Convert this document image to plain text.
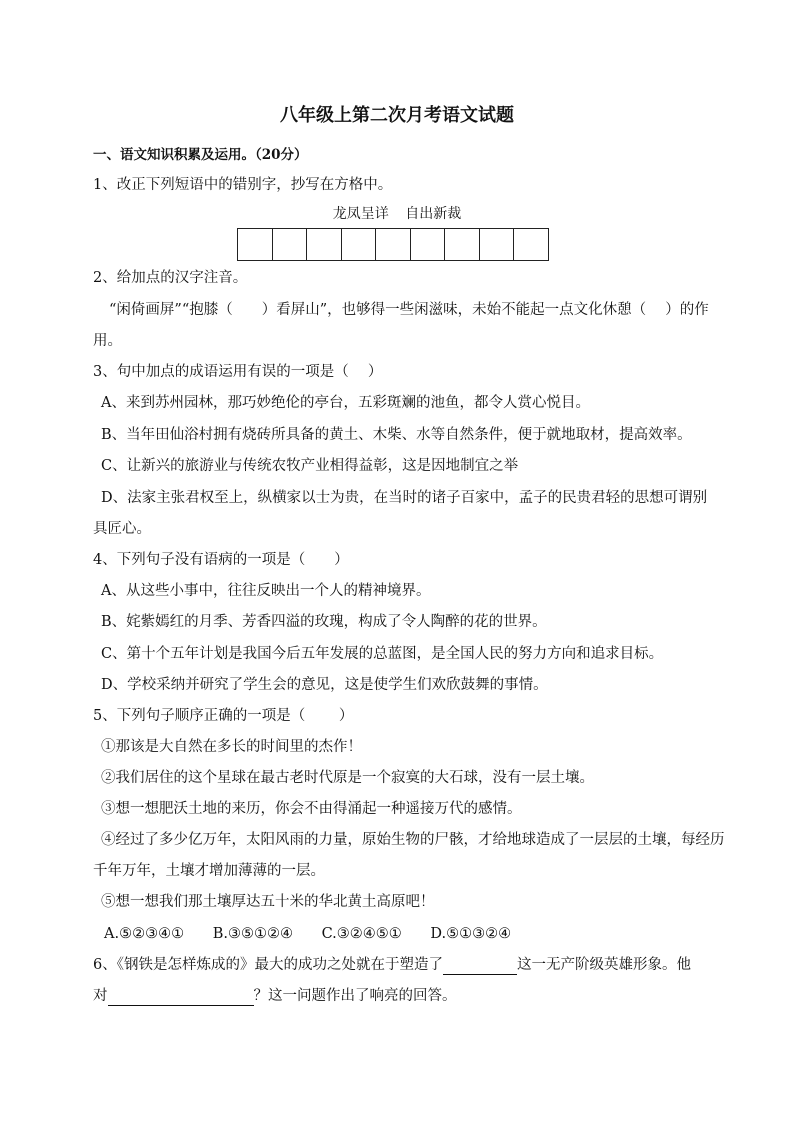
八年级上第二次月考语文试题
一、语文知识积累及运用。（20分）
1、改正下列短语中的错别字，抄写在方格中。
龙凤呈详 自出新裁
2、给加点的汉字注音。
“闲倚画屏”“抱膝（　　）看屏山”，也够得一些闲滋味，未始不能起一点文化休憩（　 ）的作
用。
3、句中加点的成语运用有误的一项是（　 ）
A、来到苏州园林，那巧妙绝伦的亭台，五彩斑斓的池鱼，都令人赏心悦目。
B、当年田仙浴村拥有烧砖所具备的黄土、木柴、水等自然条件，便于就地取材，提高效率。
C、让新兴的旅游业与传统农牧产业相得益彰，这是因地制宜之举
D、法家主张君权至上，纵横家以士为贵，在当时的诸子百家中，孟子的民贵君轻的思想可谓别
具匠心。
4、下列句子没有语病的一项是（　　）
A、从这些小事中，往往反映出一个人的精神境界。
B、姹紫嫣红的月季、芳香四溢的玫瑰，构成了令人陶醉的花的世界。
C、第十个五年计划是我国今后五年发展的总蓝图，是全国人民的努力方向和追求目标。
D、学校采纳并研究了学生会的意见，这是使学生们欢欣鼓舞的事情。
5、下列句子顺序正确的一项是（　　 ）
①那该是大自然在多长的时间里的杰作！
②我们居住的这个星球在最古老时代原是一个寂寞的大石球，没有一层土壤。
③想一想肥沃土地的来历，你会不由得涌起一种遥接万代的感情。
④经过了多少亿万年，太阳风雨的力量，原始生物的尸骸，才给地球造成了一层层的土壤，每经历
千年万年，土壤才增加薄薄的一层。
⑤想一想我们那土壤厚达五十米的华北黄土高原吧！
A.⑤②③④① B.③⑤①②④ C.③②④⑤① D.⑤①③②④
6、《钢铁是怎样炼成的》最大的成功之处就在于塑造了	这一无产阶级英雄形象。他
对	？这一问题作出了响亮的回答。
